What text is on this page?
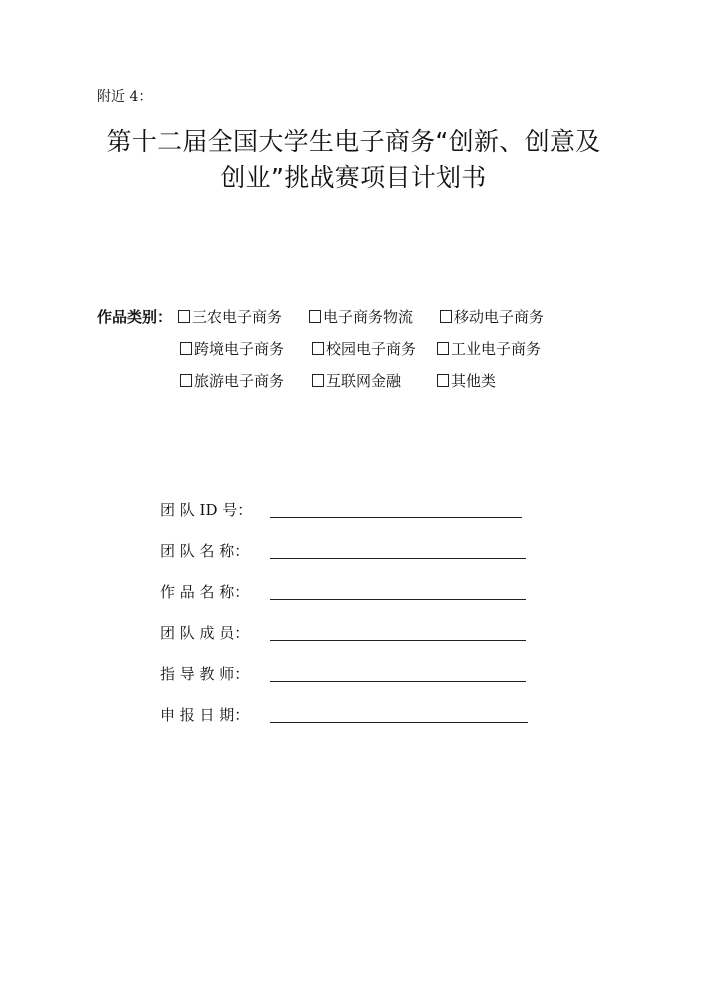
附近 4：
第十二届全国大学生电子商务“创新、创意及
创业”挑战赛项目计划书
作品类别：	三农电子商务	电子商务物流	移动电子商务
跨境电子商务	校园电子商务	工业电子商务
旅游电子商务	互联网金融	其他类
团 队 ID 号：
团 队 名 称：
作 品 名 称：
团 队 成 员：
指 导 教 师：
申 报 日 期：
